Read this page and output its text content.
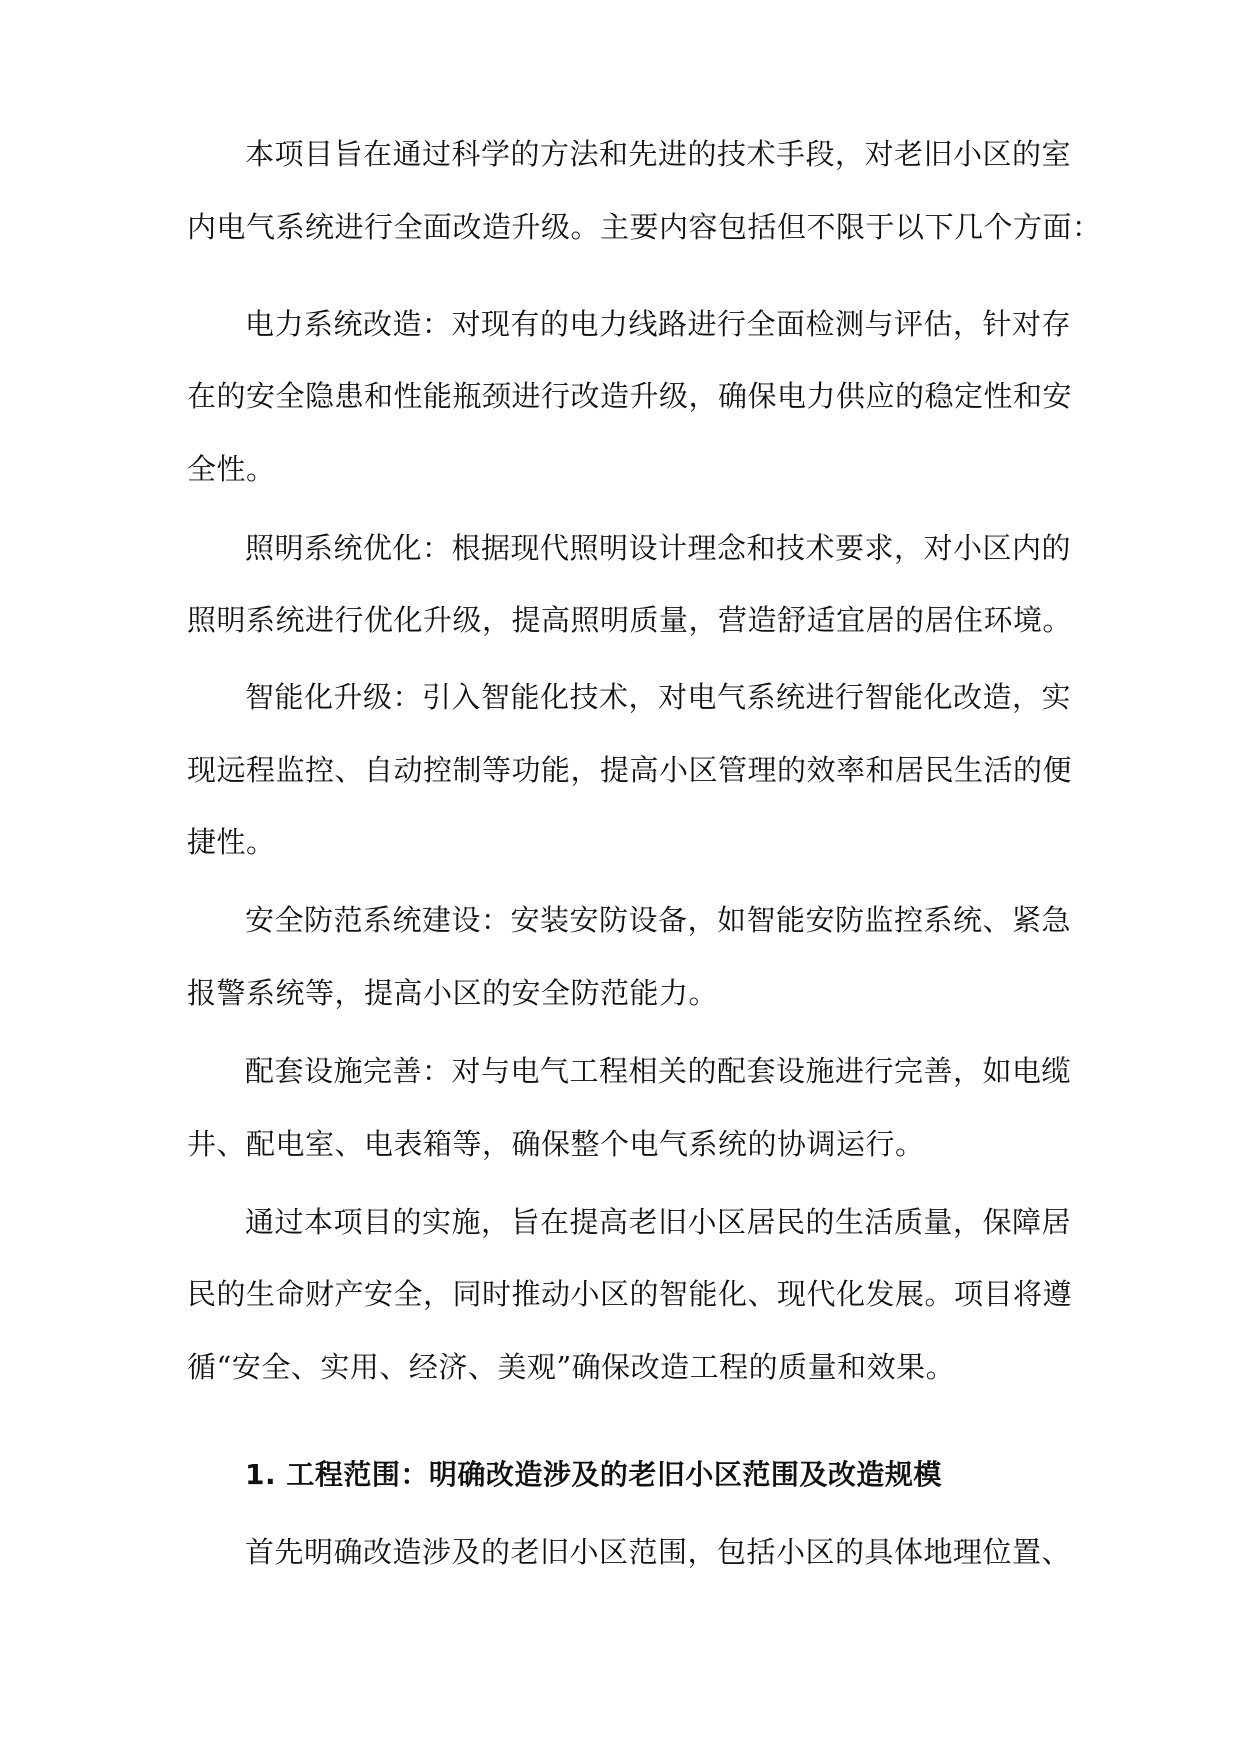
本项目旨在通过科学的方法和先进的技术手段，对老旧小区的室
内电气系统进行全面改造升级。主要内容包括但不限于以下几个方面：
电力系统改造：对现有的电力线路进行全面检测与评估，针对存
在的安全隐患和性能瓶颈进行改造升级，确保电力供应的稳定性和安
全性。
照明系统优化：根据现代照明设计理念和技术要求，对小区内的
照明系统进行优化升级，提高照明质量，营造舒适宜居的居住环境。
智能化升级：引入智能化技术，对电气系统进行智能化改造，实
现远程监控、自动控制等功能，提高小区管理的效率和居民生活的便
捷性。
安全防范系统建设：安装安防设备，如智能安防监控系统、紧急
报警系统等，提高小区的安全防范能力。
配套设施完善：对与电气工程相关的配套设施进行完善，如电缆
井、配电室、电表箱等，确保整个电气系统的协调运行。
通过本项目的实施，旨在提高老旧小区居民的生活质量，保障居
民的生命财产安全，同时推动小区的智能化、现代化发展。项目将遵
循“安全、实用、经济、美观”确保改造工程的质量和效果。
1. 工程范围：明确改造涉及的老旧小区范围及改造规模
首先明确改造涉及的老旧小区范围，包括小区的具体地理位置、
